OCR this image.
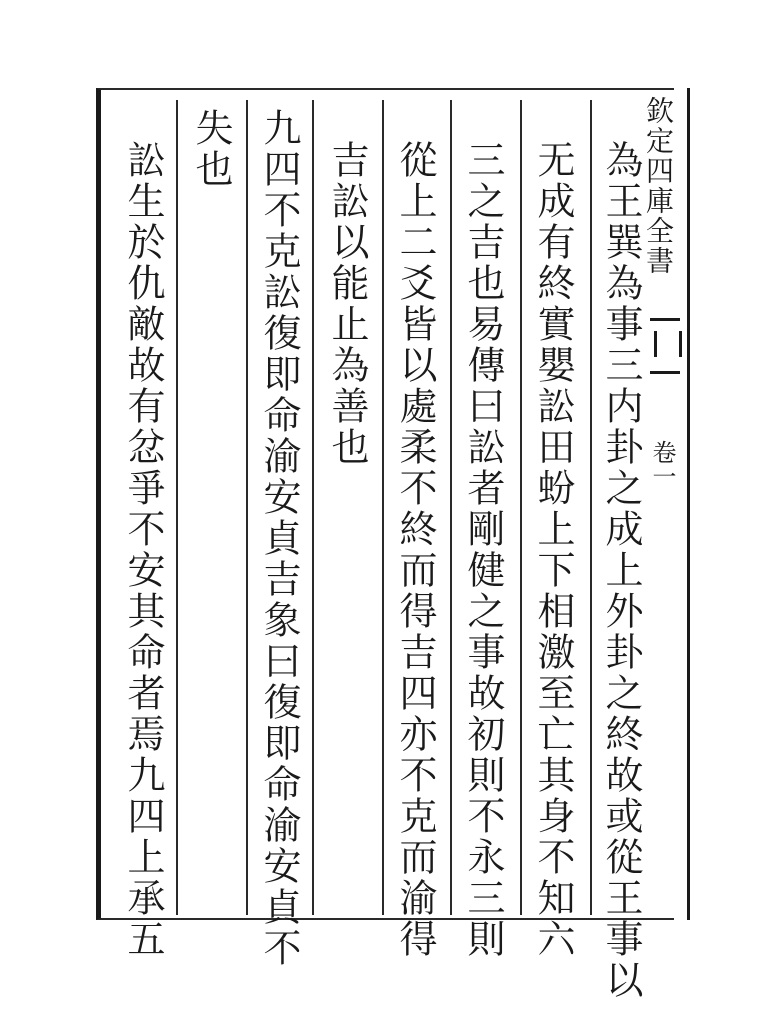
欽定四庫全書
卷一
為王巽為事三内卦之成上外卦之終故或從王事以
无成有終實嬰訟田蚡上下相激至亡其身不知六
三之吉也易傳曰訟者剛健之事故初則不永三則
從上二爻皆以處柔不終而得吉四亦不克而渝得
吉訟以能止為善也
九四不克訟復即命渝安貞吉象曰復即命渝安貞不
失也
訟生於仇敵故有忿爭不安其命者焉九四上承五
